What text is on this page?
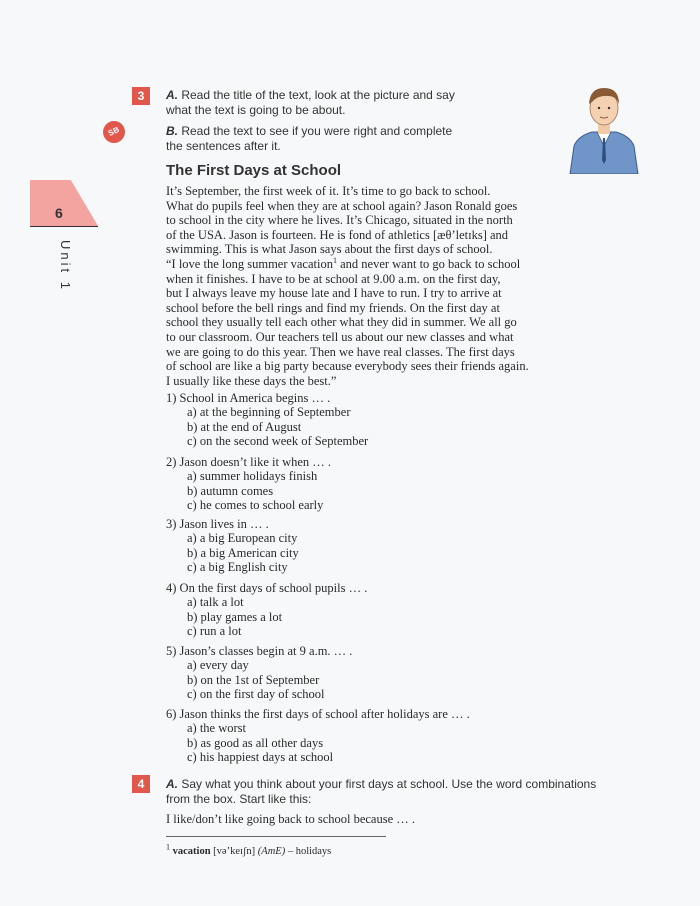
6
Unit 1
3	A. Read the title of the text, look at the picture and say
what the text is going to be about.
SB	B. Read the text to see if you were right and complete
the sentences after it.
The First Days at School

It’s September, the first week of it. It’s time to go back to school.

What do pupils feel when they are at school again? Jason Ronald goes

to school in the city where he lives. It’s Chicago, situated in the north

of the USA. Jason is fourteen. He is fond of athletics [æθ’letɪks] and

swimming. This is what Jason says about the first days of school.

“I love the long summer vacation$^1$ and never want to go back to school

when it finishes. I have to be at school at 9.00 a.m. on the first day,

but I always leave my house late and I have to run. I try to arrive at

school before the bell rings and find my friends. On the first day at

school they usually tell each other what they did in summer. We all go

to our classroom. Our teachers tell us about our new classes and what

we are going to do this year. Then we have real classes. The first days

of school are like a big party because everybody sees their friends again.

I usually like these days the best.”

1) School in America begins … .

a) at the beginning of September

b) at the end of August

c) on the second week of September

2) Jason doesn’t like it when … .

a) summer holidays finish

b) autumn comes

c) he comes to school early

3) Jason lives in … .

a) a big European city

b) a big American city

c) a big English city

4) On the first days of school pupils … .

a) talk a lot

b) play games a lot

c) run a lot

5) Jason’s classes begin at 9 a.m. … .

a) every day

b) on the 1st of September

c) on the first day of school

6) Jason thinks the first days of school after holidays are … .

a) the worst

b) as good as all other days

c) his happiest days at school

4	A. Say what you think about your first days at school. Use the word combinations
from the box. Start like this:
I like/don’t like going back to school because … .
$^1$ vacation [və’keɪʃn] (AmE) – holidays
